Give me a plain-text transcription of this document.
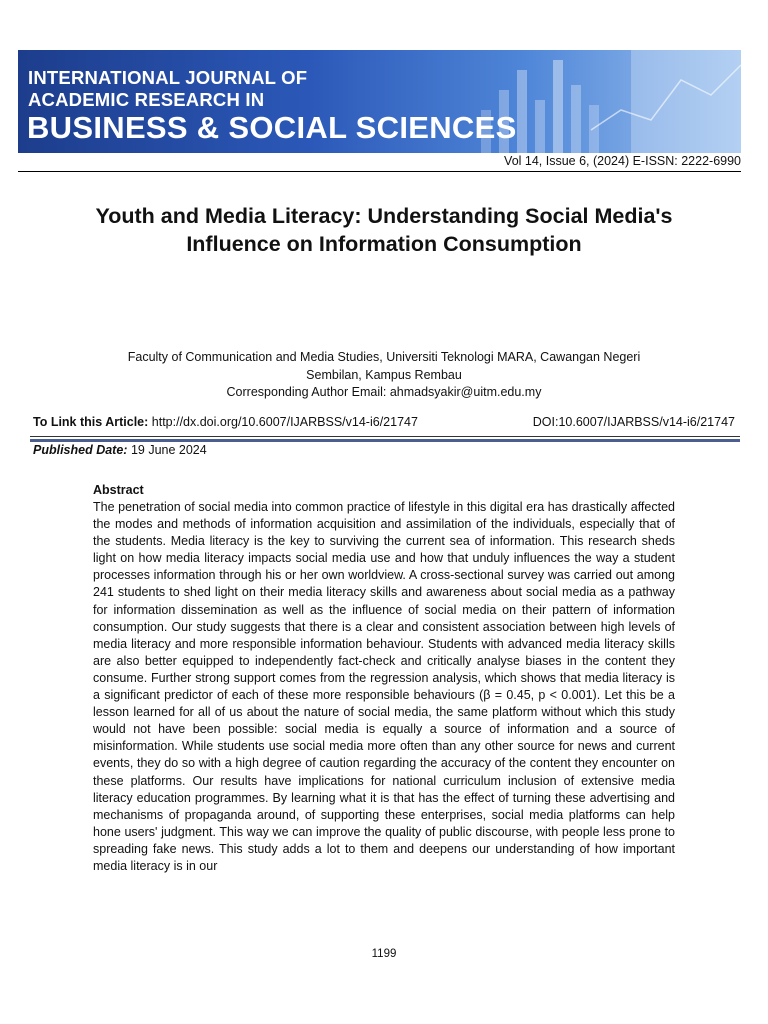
INTERNATIONAL JOURNAL OF
ACADEMIC RESEARCH IN
BUSINESS & SOCIAL SCIENCES
Vol 14, Issue 6, (2024) E-ISSN: 2222-6990
Youth and Media Literacy: Understanding Social Media's Influence on Information Consumption
Faculty of Communication and Media Studies, Universiti Teknologi MARA, Cawangan Negeri
Sembilan, Kampus Rembau
Corresponding Author Email: ahmadsyakir@uitm.edu.my
To Link this Article: http://dx.doi.org/10.6007/IJARBSS/v14-i6/21747	DOI:10.6007/IJARBSS/v14-i6/21747
Published Date: 19 June 2024
Abstract
The penetration of social media into common practice of lifestyle in this digital era has drastically affected the modes and methods of information acquisition and assimilation of the individuals, especially that of the students. Media literacy is the key to surviving the current sea of information. This research sheds light on how media literacy impacts social media use and how that unduly influences the way a student processes information through his or her own worldview. A cross-sectional survey was carried out among 241 students to shed light on their media literacy skills and awareness about social media as a pathway for information dissemination as well as the influence of social media on their pattern of information consumption. Our study suggests that there is a clear and consistent association between high levels of media literacy and more responsible information behaviour. Students with advanced media literacy skills are also better equipped to independently fact-check and critically analyse biases in the content they consume. Further strong support comes from the regression analysis, which shows that media literacy is a significant predictor of each of these more responsible behaviours (β = 0.45, p < 0.001). Let this be a lesson learned for all of us about the nature of social media, the same platform without which this study would not have been possible: social media is equally a source of information and a source of misinformation. While students use social media more often than any other source for news and current events, they do so with a high degree of caution regarding the accuracy of the content they encounter on these platforms. Our results have implications for national curriculum inclusion of extensive media literacy education programmes. By learning what it is that has the effect of turning these advertising and mechanisms of propaganda around, of supporting these enterprises, social media platforms can help hone users' judgment. This way we can improve the quality of public discourse, with people less prone to spreading fake news. This study adds a lot to them and deepens our understanding of how important media literacy is in our
1199
